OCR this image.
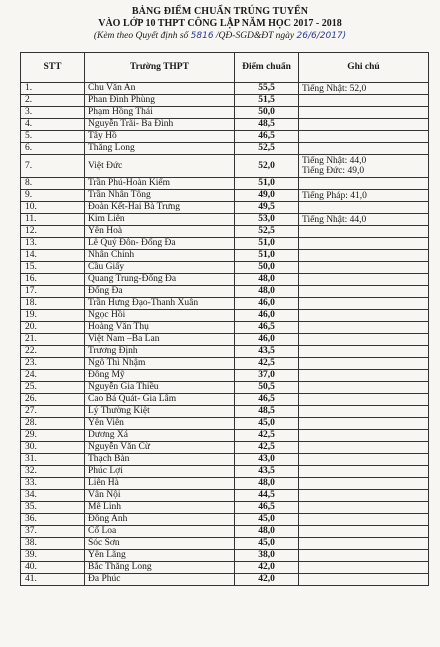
BẢNG ĐIỂM CHUẨN TRÚNG TUYỂN
VÀO LỚP 10 THPT CÔNG LẬP NĂM HỌC 2017 - 2018
(Kèm theo Quyết định số 5816 /QĐ-SGD&ĐT ngày 26/6/2017)
STT	Trường THPT	Điểm chuẩn	Ghi chú
1.	Chu Văn An	55,5	Tiếng Nhật: 52,0

2.	Phan Đình Phùng	51,5	
3.	Phạm Hồng Thái	50,0	
4.	Nguyễn Trãi- Ba Đình	48,5	
5.	Tây Hồ	46,5	
6.	Thăng Long	52,5	
7.	Việt Đức	52,0	Tiếng Nhật: 44,0
Tiếng Đức: 49,0

8.	Trần Phú-Hoàn Kiếm	51,0	
9.	Trần Nhân Tông	49,0	Tiếng Pháp: 41,0

10.	Đoàn Kết-Hai Bà Trưng	49,5	
11.	Kim Liên	53,0	Tiếng Nhật: 44,0

12.	Yên Hoà	52,5	
13.	Lê Quý Đôn- Đống Đa	51,0	
14.	Nhân Chính	51,0	
15.	Cầu Giấy	50,0	
16.	Quang Trung-Đống Đa	48,0	
17.	Đống Đa	48,0	
18.	Trần Hưng Đạo-Thanh Xuân	46,0	
19.	Ngọc Hồi	46,0	
20.	Hoàng Văn Thụ	46,5	
21.	Việt Nam –Ba Lan	46,0	
22.	Trương Định	43,5	
23.	Ngô Thì Nhậm	42,5	
24.	Đông Mỹ	37,0	
25.	Nguyễn Gia Thiều	50,5	
26.	Cao Bá Quát- Gia Lâm	46,5	
27.	Lý Thường Kiệt	48,5	
28.	Yên Viên	45,0	
29.	Dương Xá	42,5	
30.	Nguyễn Văn Cừ	42,5	
31.	Thạch Bàn	43,0	
32.	Phúc Lợi	43,5	
33.	Liên Hà	48,0	
34.	Vân Nội	44,5	
35.	Mê Linh	46,5	
36.	Đông Anh	45,0	
37.	Cổ Loa	48,0	
38.	Sóc Sơn	45,0	
39.	Yên Lãng	38,0	
40.	Bắc Thăng Long	42,0	
41.	Đa Phúc	42,0	
